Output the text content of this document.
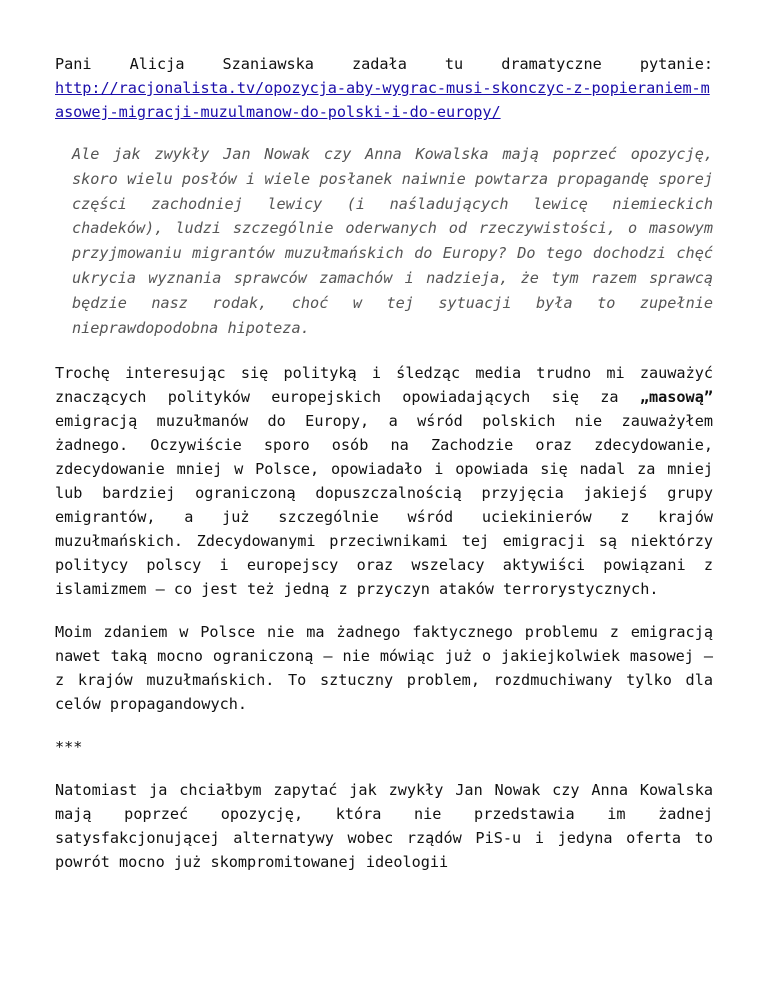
Pani Alicja Szaniawska zadała tu dramatyczne pytanie:

http://racjonalista.tv/opozycja-aby-wygrac-musi-skonczyc-z-popieraniem-masowej-migracji-muzulmanow-do-polski-i-do-europy/

Ale jak zwykły Jan Nowak czy Anna Kowalska mają poprzeć opozycję, skoro wielu posłów i wiele posłanek naiwnie powtarza propagandę sporej części zachodniej lewicy (i naśladujących lewicę niemieckich chadeków), ludzi szczególnie oderwanych od rzeczywistości, o masowym przyjmowaniu migrantów muzułmańskich do Europy? Do tego dochodzi chęć ukrycia wyznania sprawców zamachów i nadzieja, że tym razem sprawcą będzie nasz rodak, choć w tej sytuacji była to zupełnie nieprawdopodobna hipoteza.

Trochę interesując się polityką i śledząc media trudno mi zauważyć znaczących polityków europejskich opowiadających się za „masową” emigracją muzułmanów do Europy, a wśród polskich nie zauważyłem żadnego. Oczywiście sporo osób na Zachodzie oraz zdecydowanie, zdecydowanie mniej w Polsce, opowiadało i opowiada się nadal za mniej lub bardziej ograniczoną dopuszczalnością przyjęcia jakiejś grupy emigrantów, a już szczególnie wśród uciekinierów z krajów muzułmańskich. Zdecydowanymi przeciwnikami tej emigracji są niektórzy politycy polscy i europejscy oraz wszelacy aktywiści powiązani z islamizmem – co jest też jedną z przyczyn ataków terrorystycznych.

Moim zdaniem w Polsce nie ma żadnego faktycznego problemu z emigracją nawet taką mocno ograniczoną – nie mówiąc już o jakiejkolwiek masowej – z krajów muzułmańskich. To sztuczny problem, rozdmuchiwany tylko dla celów propagandowych.

***

Natomiast ja chciałbym zapytać jak zwykły Jan Nowak czy Anna Kowalska mają poprzeć opozycję, która nie przedstawia im żadnej satysfakcjonującej alternatywy wobec rządów PiS-u i jedyna oferta to powrót mocno już skompromitowanej ideologii
